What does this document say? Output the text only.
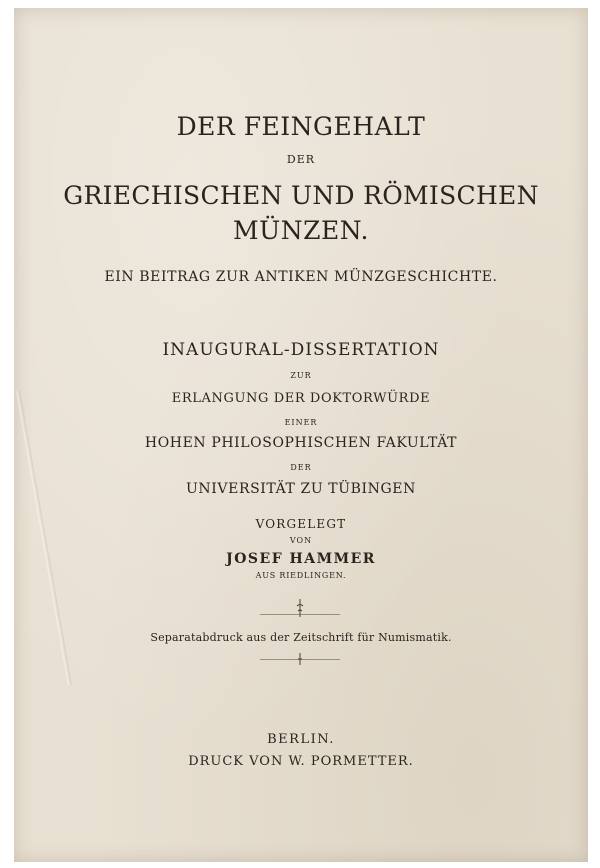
DER FEINGEHALT
DER
GRIECHISCHEN UND RÖMISCHEN
MÜNZEN.
EIN BEITRAG ZUR ANTIKEN MÜNZGESCHICHTE.
INAUGURAL-DISSERTATION
ZUR
ERLANGUNG DER DOKTORWÜRDE
EINER
HOHEN PHILOSOPHISCHEN FAKULTÄT
DER
UNIVERSITÄT ZU TÜBINGEN
VORGELEGT
VON
JOSEF HAMMER
AUS RIEDLINGEN.
Separatabdruck aus der Zeitschrift für Numismatik.
BERLIN.
DRUCK VON W. PORMETTER.
